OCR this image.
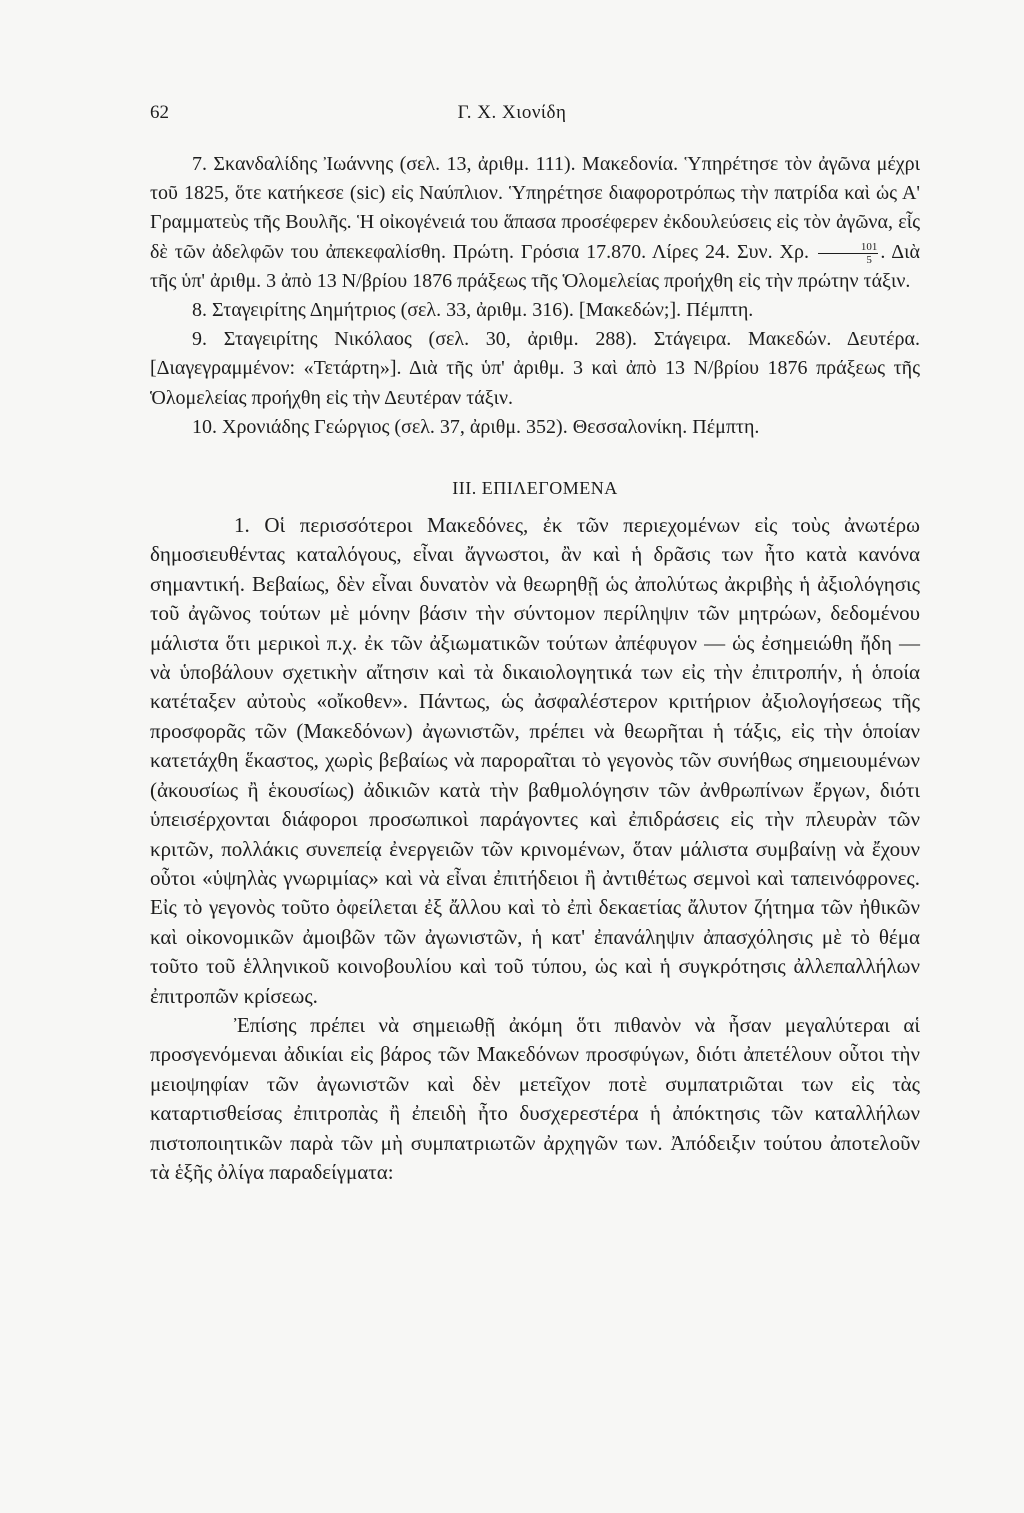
62	Γ. Χ. Χιονίδη

7. Σκανδαλίδης Ἰωάννης (σελ. 13, ἀριθμ. 111). Μακεδονία. Ὑπηρέτησε τὸν ἀγῶνα μέχρι τοῦ 1825, ὅτε κατήκεσε (sic) εἰς Ναύπλιον. Ὑπηρέτησε διαφοροτρόπως τὴν πατρίδα καὶ ὡς Α' Γραμματεὺς τῆς Βουλῆς. Ἡ οἰκογένειά του ἅπασα προσέφερεν ἐκδουλεύσεις εἰς τὸν ἀγῶνα, εἷς δὲ τῶν ἀδελφῶν του ἀπεκεφαλίσθη. Πρώτη. Γρόσια 17.870. Λίρες 24. Συν. Χρ. $\frac{101}{5}$ . Διὰ τῆς ὑπ' ἀριθμ. 3 ἀπὸ 13 Ν/βρίου 1876 πράξεως τῆς Ὁλομελείας προήχθη εἰς τὴν πρώτην τάξιν.

8. Σταγειρίτης Δημήτριος (σελ. 33, ἀριθμ. 316). [Μακεδών;]. Πέμπτη.

9. Σταγειρίτης Νικόλαος (σελ. 30, ἀριθμ. 288). Στάγειρα. Μακεδών. Δευτέρα. [Διαγεγραμμένον: «Τετάρτη»]. Διὰ τῆς ὑπ' ἀριθμ. 3 καὶ ἀπὸ 13 Ν/βρίου 1876 πράξεως τῆς Ὁλομελείας προήχθη εἰς τὴν Δευτέραν τάξιν.

10. Χρονιάδης Γεώργιος (σελ. 37, ἀριθμ. 352). Θεσσαλονίκη. Πέμπτη.

III. ΕΠΙΛΕΓΟΜΕΝΑ

1. Οἱ περισσότεροι Μακεδόνες, ἐκ τῶν περιεχομένων εἰς τοὺς ἀνωτέρω δημοσιευθέντας καταλόγους, εἶναι ἄγνωστοι, ἂν καὶ ἡ δρᾶσις των ἦτο κατὰ κανόνα σημαντική. Βεβαίως, δὲν εἶναι δυνατὸν νὰ θεωρηθῇ ὡς ἀπολύτως ἀκριβὴς ἡ ἀξιολόγησις τοῦ ἀγῶνος τούτων μὲ μόνην βάσιν τὴν σύντομον περίληψιν τῶν μητρώων, δεδομένου μάλιστα ὅτι μερικοὶ π.χ. ἐκ τῶν ἀξιωματικῶν τούτων ἀπέφυγον — ὡς ἐσημειώθη ἤδη — νὰ ὑποβάλουν σχετικὴν αἴτησιν καὶ τὰ δικαιολογητικά των εἰς τὴν ἐπιτροπήν, ἡ ὁποία κατέταξεν αὐτοὺς «οἴκοθεν». Πάντως, ὡς ἀσφαλέστερον κριτήριον ἀξιολογήσεως τῆς προσφορᾶς τῶν (Μακεδόνων) ἀγωνιστῶν, πρέπει νὰ θεωρῆται ἡ τάξις, εἰς τὴν ὁποίαν κατετάχθη ἕκαστος, χωρὶς βεβαίως νὰ παροραῖται τὸ γεγονὸς τῶν συνήθως σημειουμένων (ἀκουσίως ἢ ἑκουσίως) ἀδικιῶν κατὰ τὴν βαθμολόγησιν τῶν ἀνθρωπίνων ἔργων, διότι ὑπεισέρχονται διάφοροι προσωπικοὶ παράγοντες καὶ ἐπιδράσεις εἰς τὴν πλευρὰν τῶν κριτῶν, πολλάκις συνεπείᾳ ἐνεργειῶν τῶν κρινομένων, ὅταν μάλιστα συμβαίνῃ νὰ ἔχουν οὗτοι «ὑψηλὰς γνωριμίας» καὶ νὰ εἶναι ἐπιτήδειοι ἢ ἀντιθέτως σεμνοὶ καὶ ταπεινόφρονες. Εἰς τὸ γεγονὸς τοῦτο ὀφείλεται ἐξ ἄλλου καὶ τὸ ἐπὶ δεκαετίας ἄλυτον ζήτημα τῶν ἠθικῶν καὶ οἰκονομικῶν ἀμοιβῶν τῶν ἀγωνιστῶν, ἡ κατ' ἐπανάληψιν ἀπασχόλησις μὲ τὸ θέμα τοῦτο τοῦ ἑλληνικοῦ κοινοβουλίου καὶ τοῦ τύπου, ὡς καὶ ἡ συγκρότησις ἀλλεπαλλήλων ἐπιτροπῶν κρίσεως.

Ἐπίσης πρέπει νὰ σημειωθῇ ἀκόμη ὅτι πιθανὸν νὰ ἦσαν μεγαλύτεραι αἱ προσγενόμεναι ἀδικίαι εἰς βάρος τῶν Μακεδόνων προσφύγων, διότι ἀπετέλουν οὗτοι τὴν μειοψηφίαν τῶν ἀγωνιστῶν καὶ δὲν μετεῖχον ποτὲ συμπατριῶται των εἰς τὰς καταρτισθείσας ἐπιτροπὰς ἢ ἐπειδὴ ἦτο δυσχερεστέρα ἡ ἀπόκτησις τῶν καταλλήλων πιστοποιητικῶν παρὰ τῶν μὴ συμπατριωτῶν ἀρχηγῶν των. Ἀπόδειξιν τούτου ἀποτελοῦν τὰ ἑξῆς ὀλίγα παραδείγματα:
